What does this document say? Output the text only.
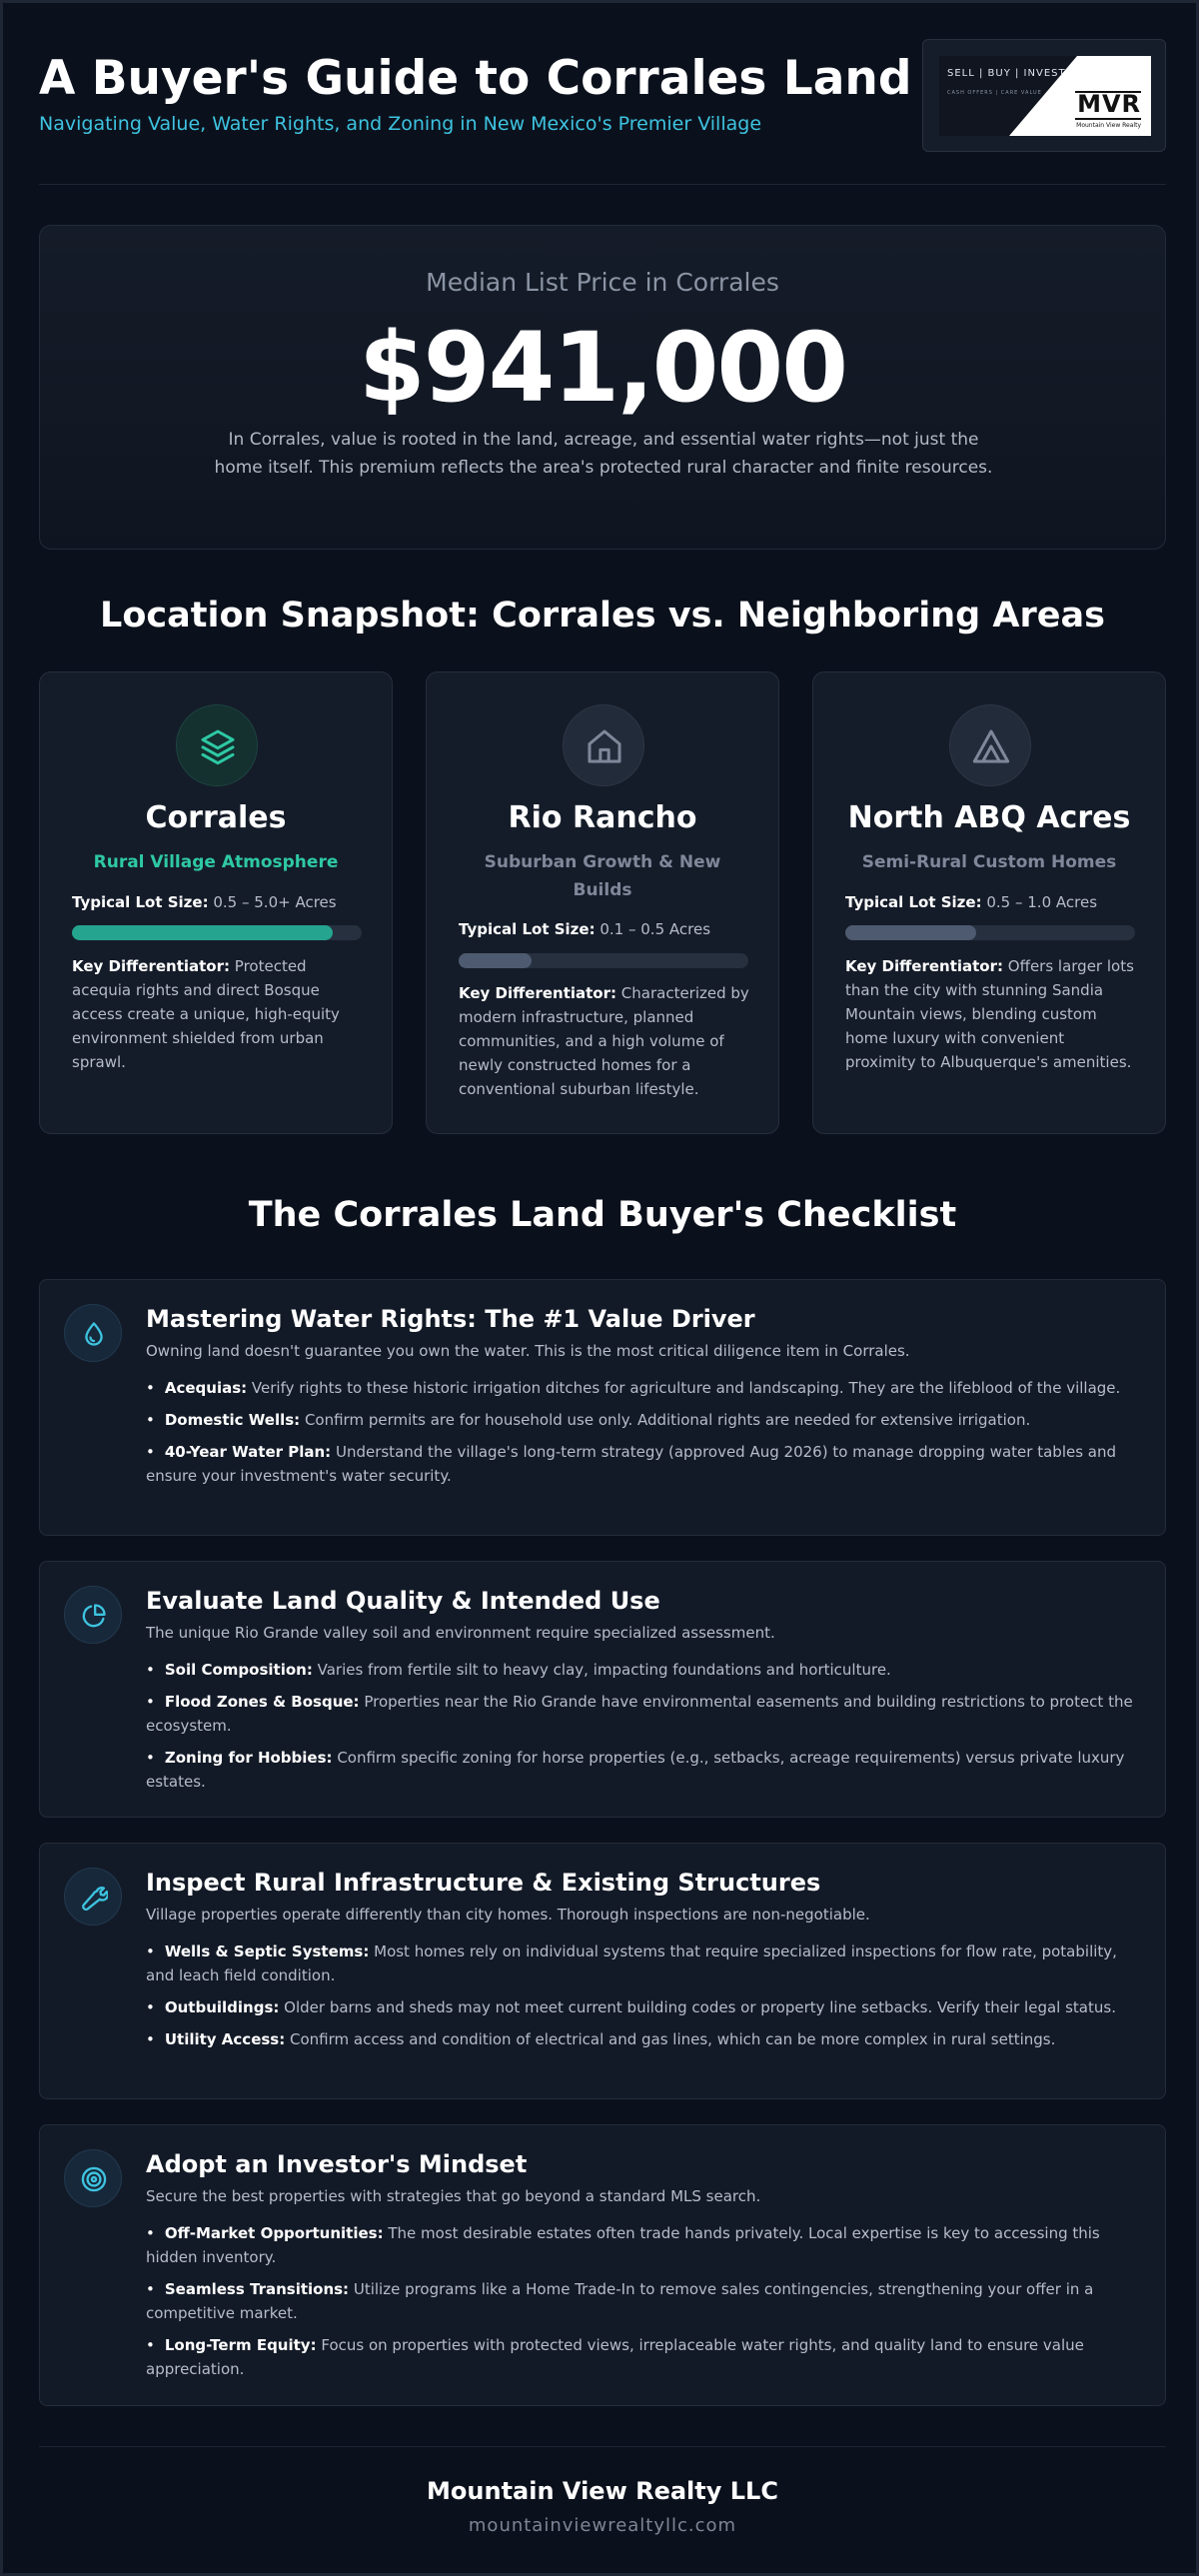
A Buyer's Guide to Corrales Land
Navigating Value, Water Rights, and Zoning in New Mexico's Premier Village
SELL | BUY | INVEST
CASH OFFERS | CARE VALUE MVR
Mountain View Realty
Median List Price in Corrales
$941,000
In Corrales, value is rooted in the land, acreage, and essential water rights—not just the home itself. This premium reflects the area's protected rural character and finite resources.
Location Snapshot: Corrales vs. Neighboring Areas
Corrales
Rural Village Atmosphere
Typical Lot Size: 0.5 – 5.0+ Acres
Key Differentiator: Protected acequia rights and direct Bosque access create a unique, high-equity environment shielded from urban sprawl.
Rio Rancho
Suburban Growth & New Builds
Typical Lot Size: 0.1 – 0.5 Acres
Key Differentiator: Characterized by modern infrastructure, planned communities, and a high volume of newly constructed homes for a conventional suburban lifestyle.
North ABQ Acres
Semi-Rural Custom Homes
Typical Lot Size: 0.5 – 1.0 Acres
Key Differentiator: Offers larger lots than the city with stunning Sandia Mountain views, blending custom home luxury with convenient proximity to Albuquerque's amenities.
The Corrales Land Buyer's Checklist
Mastering Water Rights: The #1 Value Driver
Owning land doesn't guarantee you own the water. This is the most critical diligence item in Corrales.
• Acequias: Verify rights to these historic irrigation ditches for agriculture and landscaping. They are the lifeblood of the village.
• Domestic Wells: Confirm permits are for household use only. Additional rights are needed for extensive irrigation.
• 40-Year Water Plan: Understand the village's long-term strategy (approved Aug 2026) to manage dropping water tables and ensure your investment's water security.
Evaluate Land Quality & Intended Use
The unique Rio Grande valley soil and environment require specialized assessment.
• Soil Composition: Varies from fertile silt to heavy clay, impacting foundations and horticulture.
• Flood Zones & Bosque: Properties near the Rio Grande have environmental easements and building restrictions to protect the ecosystem.
• Zoning for Hobbies: Confirm specific zoning for horse properties (e.g., setbacks, acreage requirements) versus private luxury estates.
Inspect Rural Infrastructure & Existing Structures
Village properties operate differently than city homes. Thorough inspections are non-negotiable.
• Wells & Septic Systems: Most homes rely on individual systems that require specialized inspections for flow rate, potability, and leach field condition.
• Outbuildings: Older barns and sheds may not meet current building codes or property line setbacks. Verify their legal status.
• Utility Access: Confirm access and condition of electrical and gas lines, which can be more complex in rural settings.
Adopt an Investor's Mindset
Secure the best properties with strategies that go beyond a standard MLS search.
• Off-Market Opportunities: The most desirable estates often trade hands privately. Local expertise is key to accessing this hidden inventory.
• Seamless Transitions: Utilize programs like a Home Trade-In to remove sales contingencies, strengthening your offer in a competitive market.
• Long-Term Equity: Focus on properties with protected views, irreplaceable water rights, and quality land to ensure value appreciation.
Mountain View Realty LLC
mountainviewrealtyllc.com
